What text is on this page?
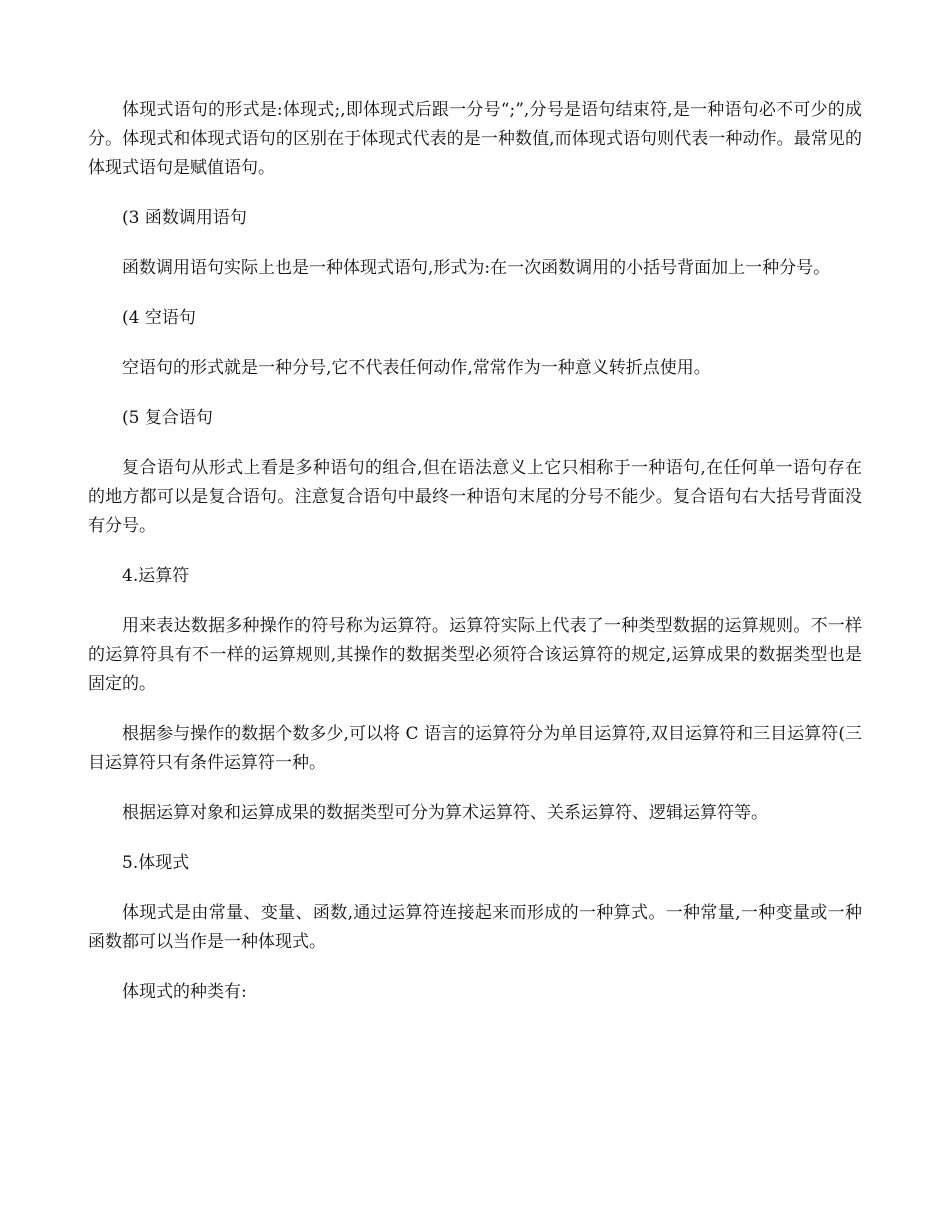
体现式语句的形式是:体现式;,即体现式后跟一分号“;”,分号是语句结束符,是一种语句必不可少的成分。体现式和体现式语句的区别在于体现式代表的是一种数值,而体现式语句则代表一种动作。最常见的体现式语句是赋值语句。

(3 函数调用语句

函数调用语句实际上也是一种体现式语句,形式为:在一次函数调用的小括号背面加上一种分号。

(4 空语句

空语句的形式就是一种分号,它不代表任何动作,常常作为一种意义转折点使用。

(5 复合语句

复合语句从形式上看是多种语句的组合,但在语法意义上它只相称于一种语句,在任何单一语句存在的地方都可以是复合语句。注意复合语句中最终一种语句末尾的分号不能少。复合语句右大括号背面没有分号。

4.运算符

用来表达数据多种操作的符号称为运算符。运算符实际上代表了一种类型数据的运算规则。不一样的运算符具有不一样的运算规则,其操作的数据类型必须符合该运算符的规定,运算成果的数据类型也是固定的。

根据参与操作的数据个数多少,可以将 C 语言的运算符分为单目运算符,双目运算符和三目运算符(三目运算符只有条件运算符一种。

根据运算对象和运算成果的数据类型可分为算术运算符、关系运算符、逻辑运算符等。

5.体现式

体现式是由常量、变量、函数,通过运算符连接起来而形成的一种算式。一种常量,一种变量或一种函数都可以当作是一种体现式。

体现式的种类有:
